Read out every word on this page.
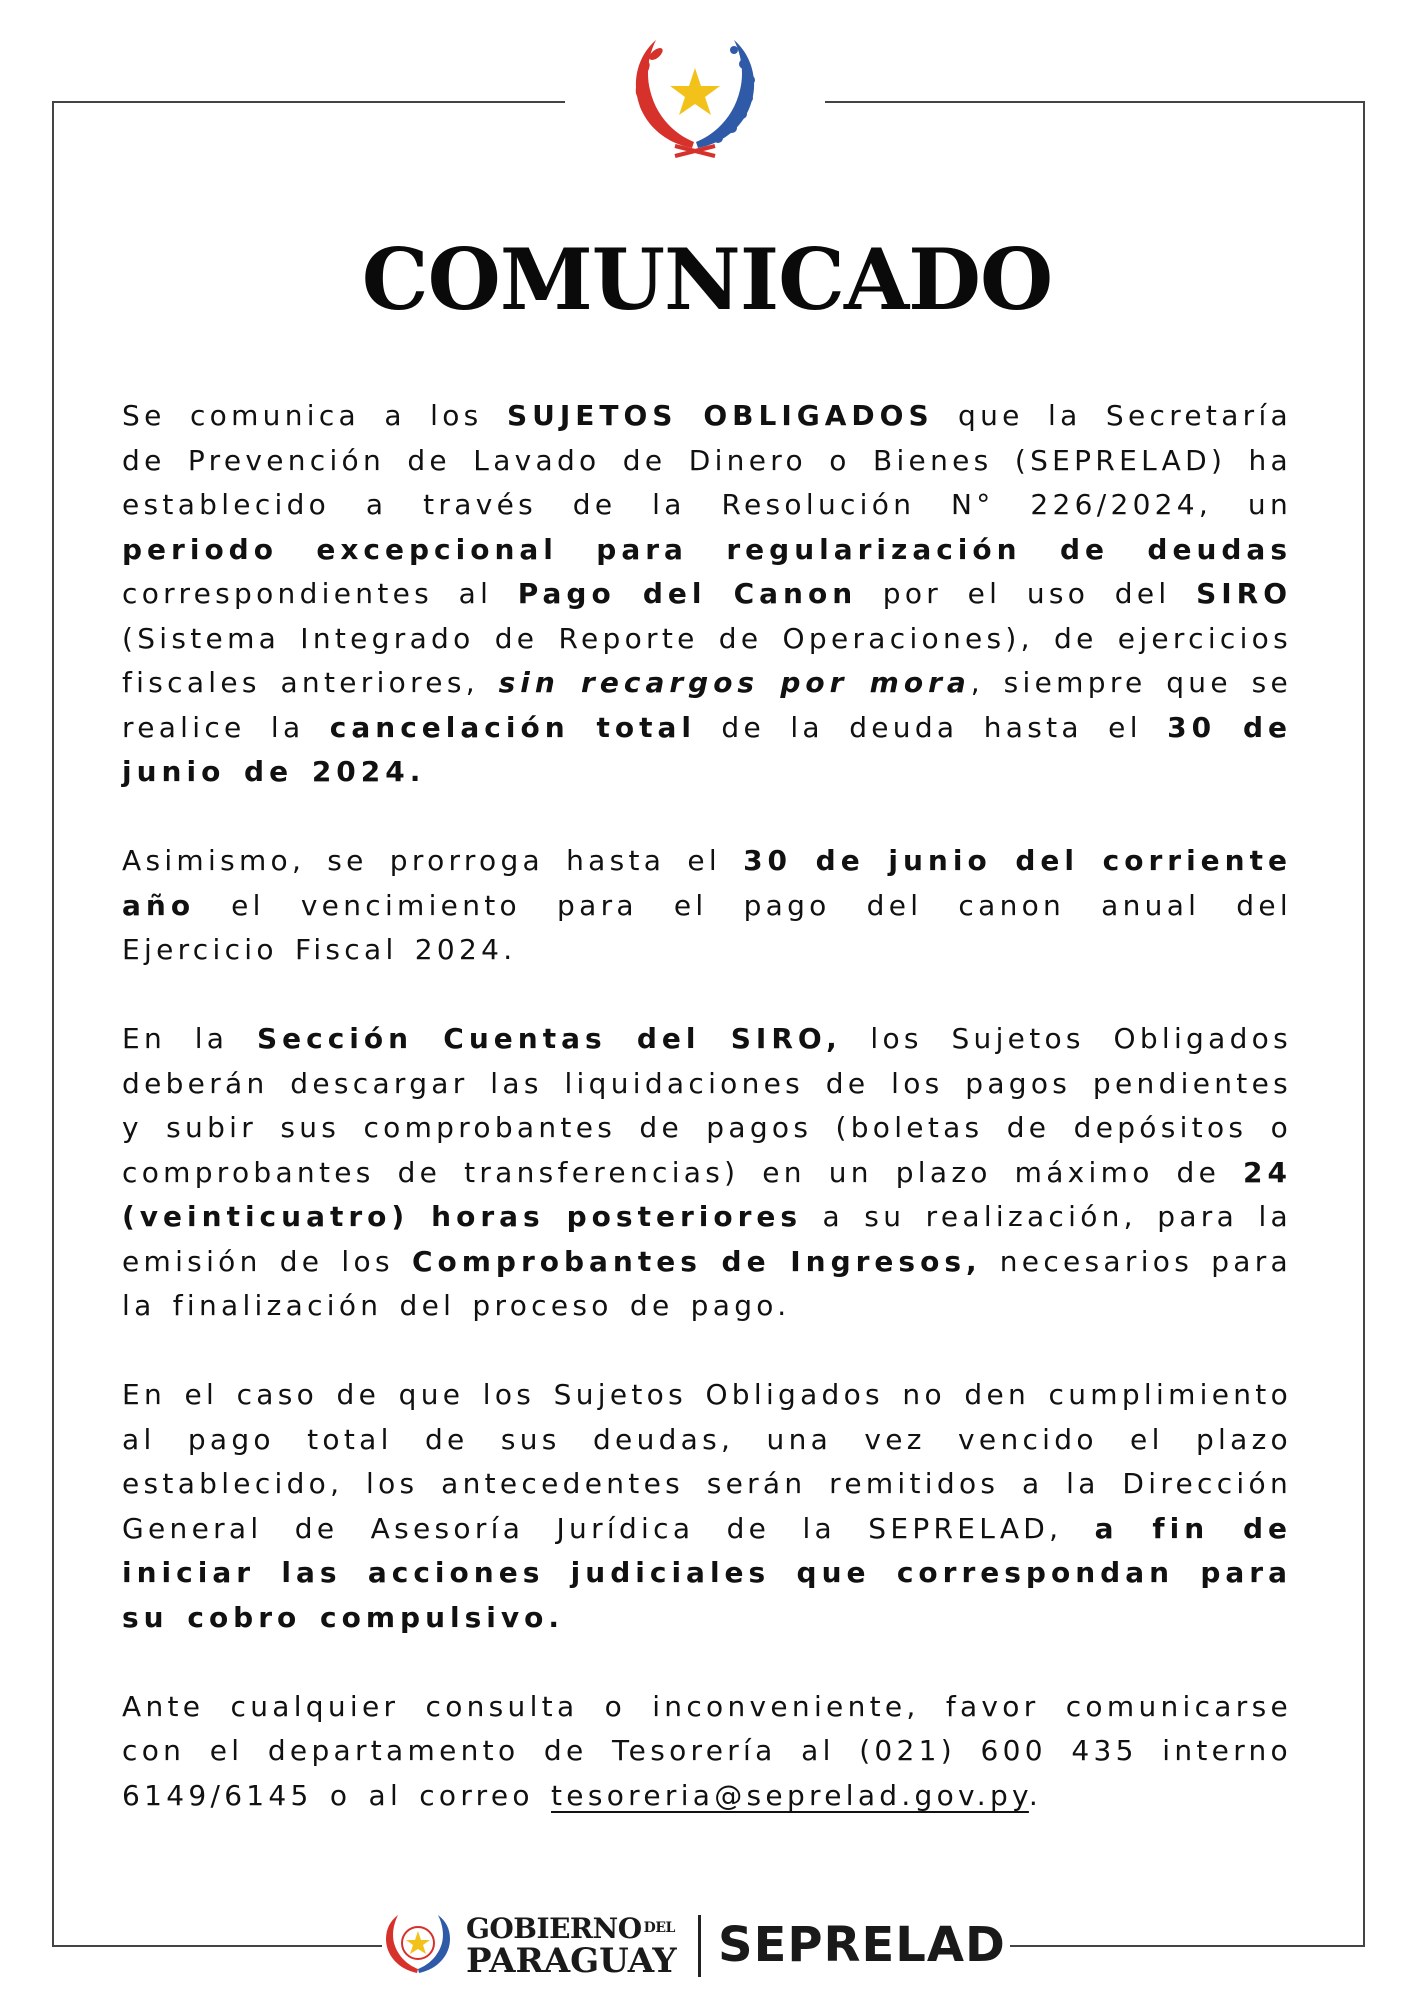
COMUNICADO

Se comunica a los SUJETOS OBLIGADOS que la Secretaría de Prevención de Lavado de Dinero o Bienes (SEPRELAD) ha establecido a través de la Resolución N° 226/2024, un periodo excepcional para regularización de deudas correspondientes al Pago del Canon por el uso del SIRO (Sistema Integrado de Reporte de Operaciones), de ejercicios fiscales anteriores, sin recargos por mora, siempre que se realice la cancelación total de la deuda hasta el 30 de junio de 2024.

Asimismo, se prorroga hasta el 30 de junio del corriente año el vencimiento para el pago del canon anual del Ejercicio Fiscal 2024.

En la Sección Cuentas del SIRO, los Sujetos Obligados deberán descargar las liquidaciones de los pagos pendientes y subir sus comprobantes de pagos (boletas de depósitos o comprobantes de transferencias) en un plazo máximo de 24 (veinticuatro) horas posteriores a su realización, para la emisión de los Comprobantes de Ingresos, necesarios para la finalización del proceso de pago.

En el caso de que los Sujetos Obligados no den cumplimiento al pago total de sus deudas, una vez vencido el plazo establecido, los antecedentes serán remitidos a la Dirección General de Asesoría Jurídica de la SEPRELAD, a fin de iniciar las acciones judiciales que correspondan para su cobro compulsivo.

Ante cualquier consulta o inconveniente, favor comunicarse con el departamento de Tesorería al (021) 600 435 interno 6149/6145 o al correo tesoreria@seprelad.gov.py.

GOBIERNO $^{DEL}$
PARAGUAY SEPRELAD
